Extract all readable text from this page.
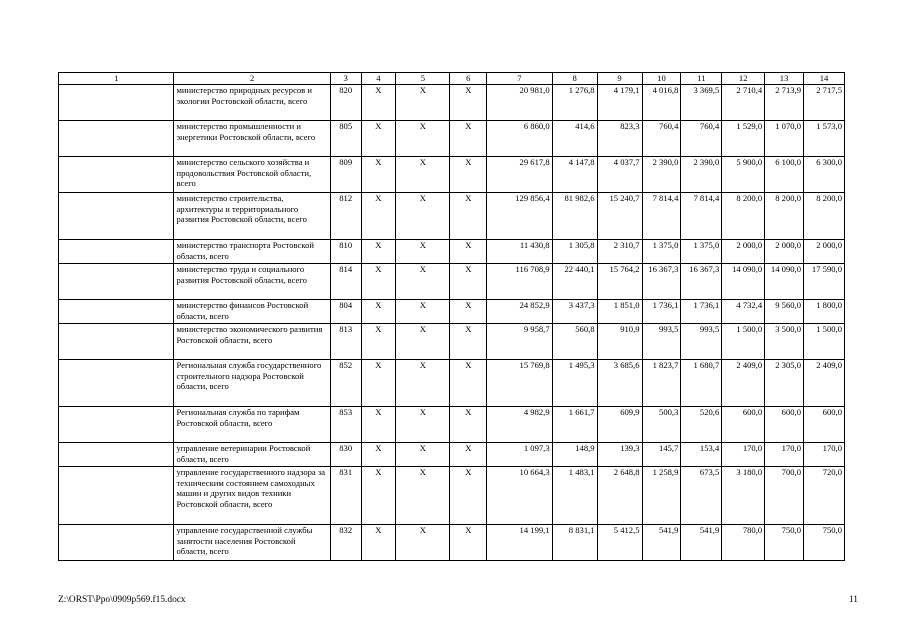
1	2	3	4	5	6	7	8	9	10	11	12	13	14
	министерство природных ресурсов и экологии Ростовской области, всего	820	X	X	X	20 981,0	1 276,8	4 179,1	4 016,8	3 369,5	2 710,4	2 713,9	2 717,5
	министерство промышленности и энергетики Ростовской области, всего	805	X	X	X	6 860,0	414,6	823,3	760,4	760,4	1 529,0	1 070,0	1 573,0
	министерство сельского хозяйства и продовольствия Ростовской области, всего	809	X	X	X	29 617,8	4 147,8	4 037,7	2 390,0	2 390,0	5 900,0	6 100,0	6 300,0
	министерство строительства, архитектуры и территориального развития Ростовской области, всего	812	X	X	X	129 856,4	81 982,6	15 240,7	7 814,4	7 814,4	8 200,0	8 200,0	8 200,0
	министерство транспорта Ростовской области, всего	810	X	X	X	11 430,8	1 305,8	2 310,7	1 375,0	1 375,0	2 000,0	2 000,0	2 000,0
	министерство труда и социального развития Ростовской области, всего	814	X	X	X	116 708,9	22 440,1	15 764,2	16 367,3	16 367,3	14 090,0	14 090,0	17 590,0
	министерство финансов Ростовской области, всего	804	X	X	X	24 852,9	3 437,3	1 851,0	1 736,1	1 736,1	4 732,4	9 560,0	1 800,0
	министерство экономического развития Ростовской области, всего	813	X	X	X	9 958,7	560,8	910,9	993,5	993,5	1 500,0	3 500,0	1 500,0
	Региональная служба государственного строительного надзора Ростовской области, всего	852	X	X	X	15 769,8	1 495,3	3 685,6	1 823,7	1 680,7	2 409,0	2 305,0	2 409,0
	Региональная служба по тарифам Ростовской области, всего	853	X	X	X	4 982,9	1 661,7	609,9	500,3	520,6	600,0	600,0	600,0
	управление ветеринарии Ростовской области, всего	830	X	X	X	1 097,3	148,9	139,3	145,7	153,4	170,0	170,0	170,0
	управление государственного надзора за техническим состоянием самоходных машин и других видов техники Ростовской области, всего	831	X	X	X	10 664,3	1 483,1	2 648,8	1 258,9	673,5	3 180,0	700,0	720,0
	управление государственной службы занятости населения Ростовской области, всего	832	X	X	X	14 199,1	8 831,1	5 412,5	541,9	541,9	780,0	750,0	750,0
Z:\ORST\Ppo\0909p569.f15.docx	11
